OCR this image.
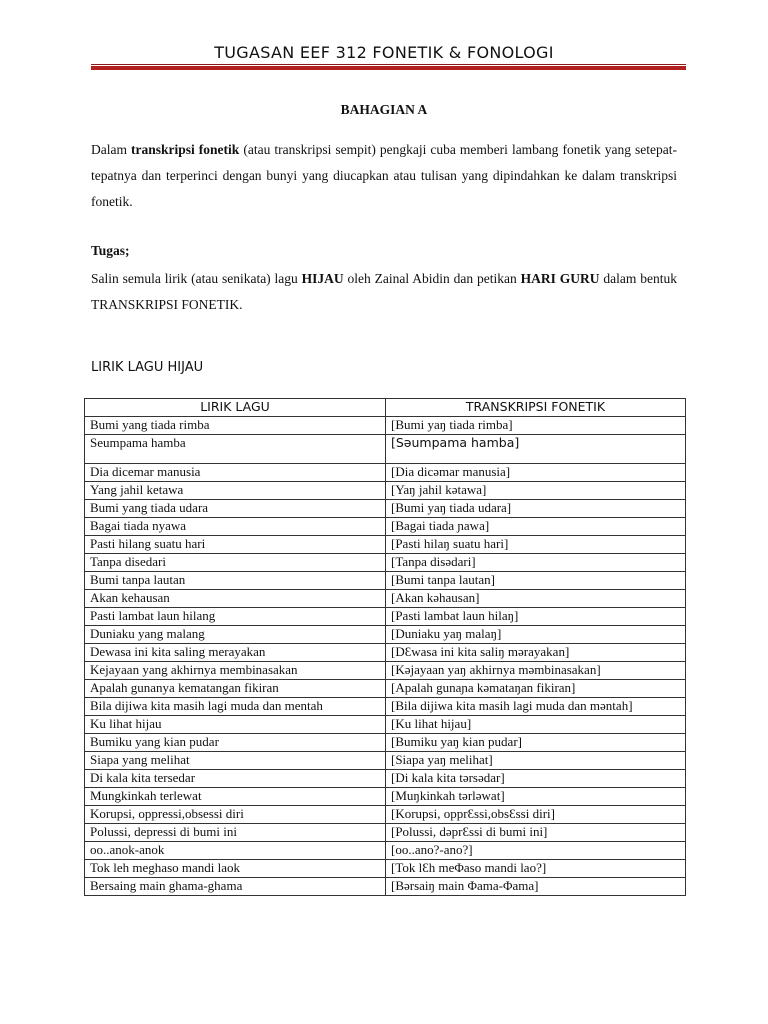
TUGASAN EEF 312 FONETIK & FONOLOGI
BAHAGIAN A
Dalam transkripsi fonetik (atau transkripsi sempit) pengkaji cuba memberi lambang fonetik yang setepat-tepatnya dan terperinci dengan bunyi yang diucapkan atau tulisan yang dipindahkan ke dalam transkripsi fonetik.
Tugas;
Salin semula lirik (atau senikata) lagu HIJAU oleh Zainal Abidin dan petikan HARI GURU dalam bentuk TRANSKRIPSI FONETIK.
LIRIK LAGU HIJAU
LIRIK LAGU	TRANSKRIPSI FONETIK
Bumi yang tiada rimba	[Bumi yaŋ tiada rimba]
Seumpama hamba	[Sǝumpama hamba]
Dia dicemar manusia	[Dia dicǝmar manusia]
Yang jahil ketawa	[Yaŋ jahil kǝtawa]
Bumi yang tiada udara	[Bumi yaŋ tiada udara]
Bagai tiada nyawa	[Bagai tiada ɲawa]
Pasti hilang suatu hari	[Pasti hilaŋ suatu hari]
Tanpa disedari	[Tanpa disǝdari]
Bumi tanpa lautan	[Bumi tanpa lautan]
Akan kehausan	[Akan kǝhausan]
Pasti lambat laun hilang	[Pasti lambat laun hilaŋ]
Duniaku yang malang	[Duniaku yaŋ malaŋ]
Dewasa ini kita saling merayakan	[DƐwasa ini kita saliŋ mǝrayakan]
Kejayaan yang akhirnya membinasakan	[Kǝjayaan yaŋ akhirnya mǝmbinasakan]
Apalah gunanya kematangan fikiran	[Apalah gunaɲa kǝmataŋan fikiran]
Bila dijiwa kita masih lagi muda dan mentah	[Bila dijiwa kita masih lagi muda dan mǝntah]
Ku lihat hijau	[Ku lihat hijau]
Bumiku yang kian pudar	[Bumiku yaŋ kian pudar]
Siapa yang melihat	[Siapa yaŋ melihat]
Di kala kita tersedar	[Di kala kita tǝrsǝdar]
Mungkinkah terlewat	[Muŋkinkah tǝrlǝwat]
Korupsi, oppressi,obsessi diri	[Korupsi, opprƐssi,obsƐssi diri]
Polussi, depressi di bumi ini	[Polussi, dǝprƐssi di bumi ini]
oo..anok-anok	[oo..ano?-ano?]
Tok leh meghaso mandi laok	[Tok lƐh meΦaso mandi lao?]
Bersaing main ghama-ghama	[Bǝrsaiŋ main Φama-Φama]
